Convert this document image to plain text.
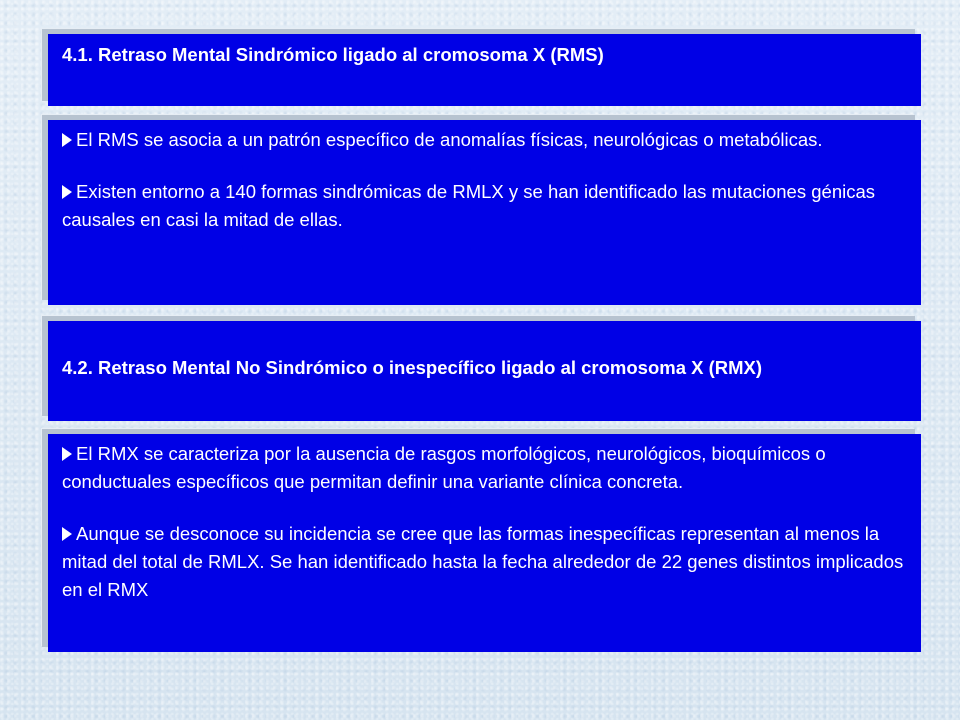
4.1. Retraso Mental Sindrómico ligado al cromosoma X (RMS)

El RMS se asocia a un patrón específico de anomalías físicas, neurológicas o metabólicas.

Existen entorno a 140 formas sindrómicas de RMLX y se han identificado las mutaciones génicas causales en casi la mitad de ellas.

4.2. Retraso Mental No Sindrómico o inespecífico ligado al cromosoma X (RMX)

El RMX se caracteriza por la ausencia de rasgos morfológicos, neurológicos, bioquímicos o conductuales específicos que permitan definir una variante clínica concreta.

Aunque se desconoce su incidencia se cree que las formas inespecíficas representan al menos la mitad del total de RMLX. Se han identificado hasta la fecha alrededor de 22 genes distintos implicados en el RMX
